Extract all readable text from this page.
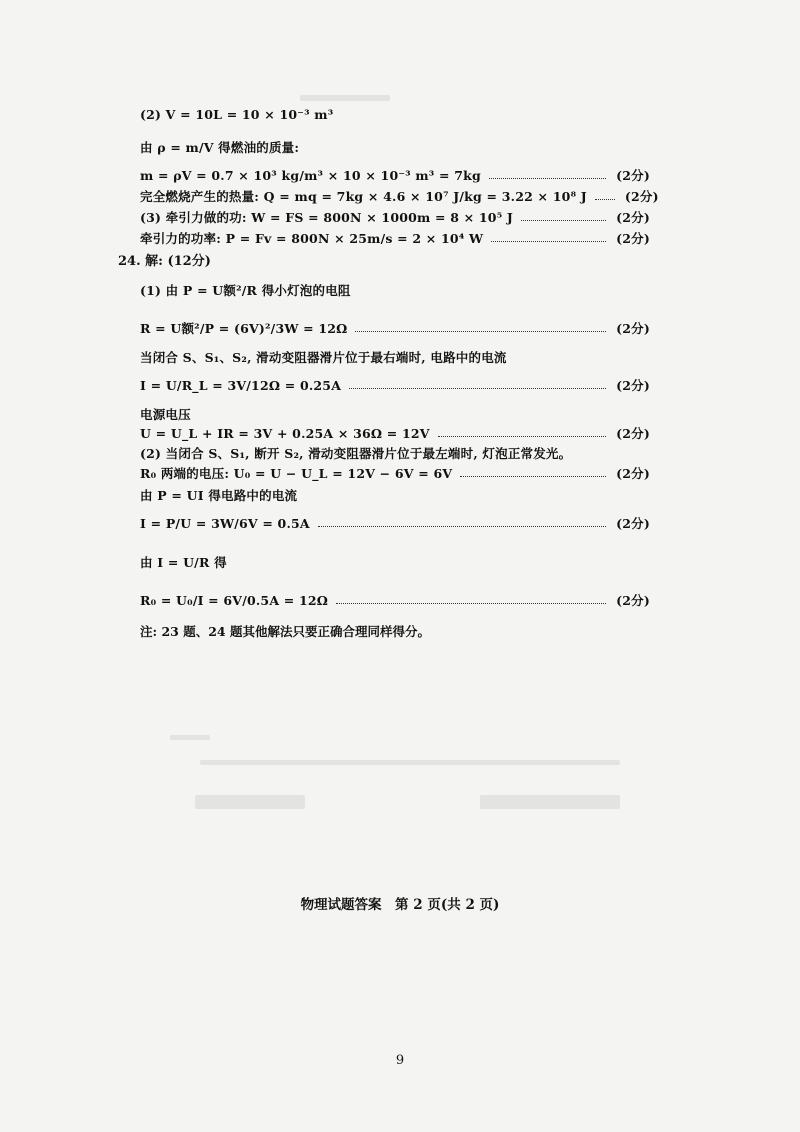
(2) V = 10L = 10 × 10⁻³ m³
由 ρ = m/V 得燃油的质量:
m = ρV = 0.7 × 10³ kg/m³ × 10 × 10⁻³ m³ = 7kg	(2分)
完全燃烧产生的热量: Q = mq = 7kg × 4.6 × 10⁷ J/kg = 3.22 × 10⁸ J	(2分)
(3) 牵引力做的功: W = FS = 800N × 1000m = 8 × 10⁵ J	(2分)
牵引力的功率: P = Fv = 800N × 25m/s = 2 × 10⁴ W	(2分)
24. 解: (12分)
(1) 由 P = U额²/R 得小灯泡的电阻
R = U额²/P = (6V)²/3W = 12Ω	(2分)
当闭合 S、S₁、S₂, 滑动变阻器滑片位于最右端时, 电路中的电流
I = U/R_L = 3V/12Ω = 0.25A	(2分)
电源电压
U = U_L + IR = 3V + 0.25A × 36Ω = 12V	(2分)
(2) 当闭合 S、S₁, 断开 S₂, 滑动变阻器滑片位于最左端时, 灯泡正常发光。
R₀ 两端的电压: U₀ = U − U_L = 12V − 6V = 6V	(2分)
由 P = UI 得电路中的电流
I = P/U = 3W/6V = 0.5A	(2分)
由 I = U/R 得
R₀ = U₀/I = 6V/0.5A = 12Ω	(2分)
注: 23 题、24 题其他解法只要正确合理同样得分。
物理试题答案　第 2 页(共 2 页)
9
